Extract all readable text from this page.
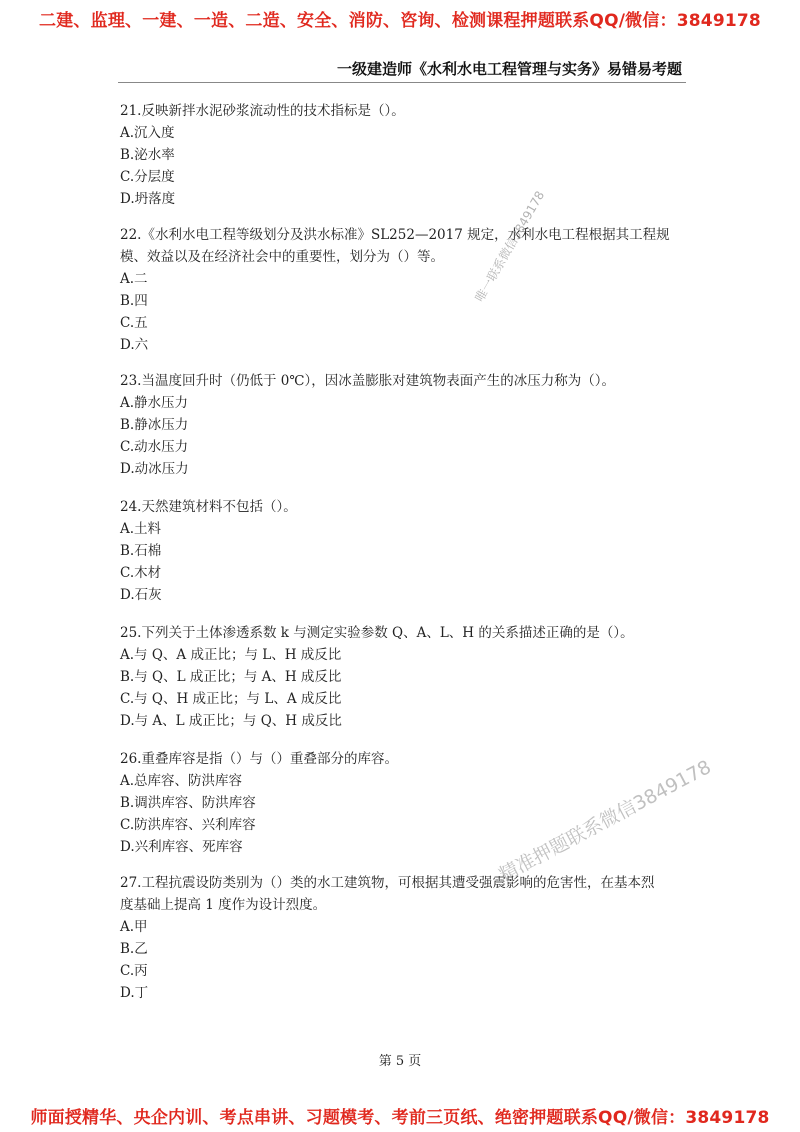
二建、监理、一建、一造、二造、安全、消防、咨询、检测课程押题联系QQ/微信：3849178
一级建造师《水利水电工程管理与实务》易错易考题

21.反映新拌水泥砂浆流动性的技术指标是（）。

A.沉入度

B.泌水率

C.分层度

D.坍落度

22.《水利水电工程等级划分及洪水标准》SL252—2017 规定，水利水电工程根据其工程规

模、效益以及在经济社会中的重要性，划分为（）等。

A.二

B.四

C.五

D.六

23.当温度回升时（仍低于 0℃），因冰盖膨胀对建筑物表面产生的冰压力称为（）。

A.静水压力

B.静冰压力

C.动水压力

D.动冰压力

24.天然建筑材料不包括（）。

A.土料

B.石棉

C.木材

D.石灰

25.下列关于土体渗透系数 k 与测定实验参数 Q、A、L、H 的关系描述正确的是（）。

A.与 Q、A 成正比；与 L、H 成反比

B.与 Q、L 成正比；与 A、H 成反比

C.与 Q、H 成正比；与 L、A 成反比

D.与 A、L 成正比；与 Q、H 成反比

26.重叠库容是指（）与（）重叠部分的库容。

A.总库容、防洪库容

B.调洪库容、防洪库容

C.防洪库容、兴利库容

D.兴利库容、死库容

27.工程抗震设防类别为（）类的水工建筑物，可根据其遭受强震影响的危害性，在基本烈

度基础上提高 1 度作为设计烈度。

A.甲

B.乙

C.丙

D.丁

唯一联系微信3849178
精准押题联系微信3849178
第 5 页
师面授精华、央企内训、考点串讲、习题模考、考前三页纸、绝密押题联系QQ/微信：3849178
